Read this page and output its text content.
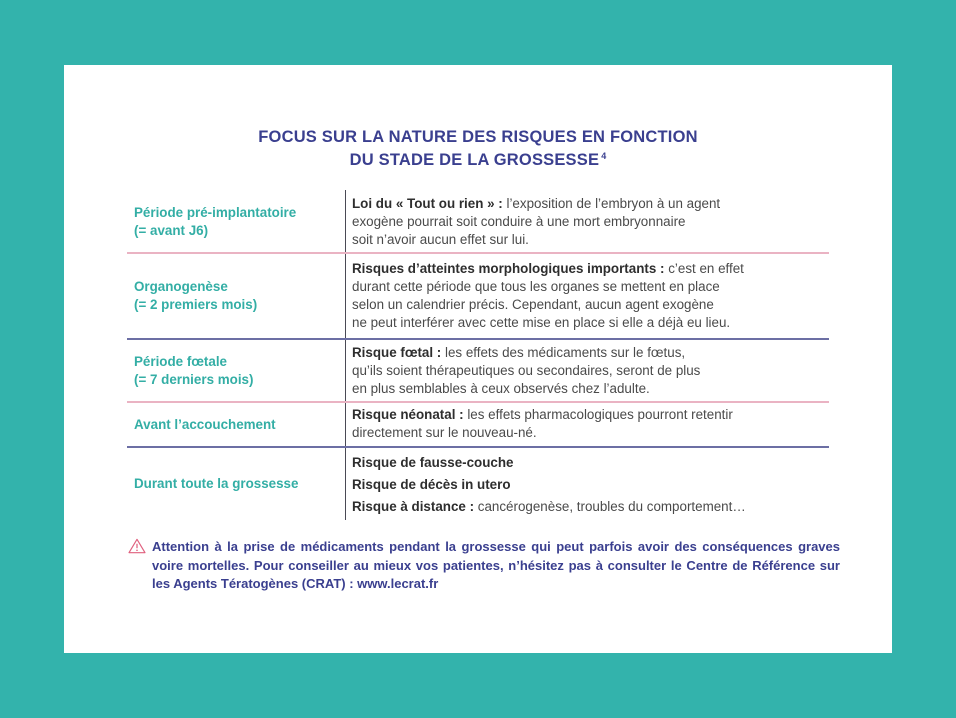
FOCUS SUR LA NATURE DES RISQUES EN FONCTION
DU STADE DE LA GROSSESSE $^4$
Période pré-implantatoire
(= avant J6)
Loi du « Tout ou rien » : l’exposition de l’embryon à un agent
exogène pourrait soit conduire à une mort embryonnaire
soit n’avoir aucun effet sur lui.
Organogenèse
(= 2 premiers mois)
Risques d’atteintes morphologiques importants : c’est en effet
durant cette période que tous les organes se mettent en place
selon un calendrier précis. Cependant, aucun agent exogène
ne peut interférer avec cette mise en place si elle a déjà eu lieu.
Période fœtale
(= 7 derniers mois)
Risque fœtal : les effets des médicaments sur le fœtus,
qu’ils soient thérapeutiques ou secondaires, seront de plus
en plus semblables à ceux observés chez l’adulte.
Avant l’accouchement
Risque néonatal : les effets pharmacologiques pourront retentir
directement sur le nouveau-né.
Durant toute la grossesse
Risque de fausse-couche
Risque de décès in utero
Risque à distance : cancérogenèse, troubles du comportement…
Attention à la prise de médicaments pendant la grossesse qui peut parfois avoir des conséquences graves voire mortelles. Pour conseiller au mieux vos patientes, n’hésitez pas à consulter le Centre de Référence sur les Agents Tératogènes (CRAT) : www.lecrat.fr
